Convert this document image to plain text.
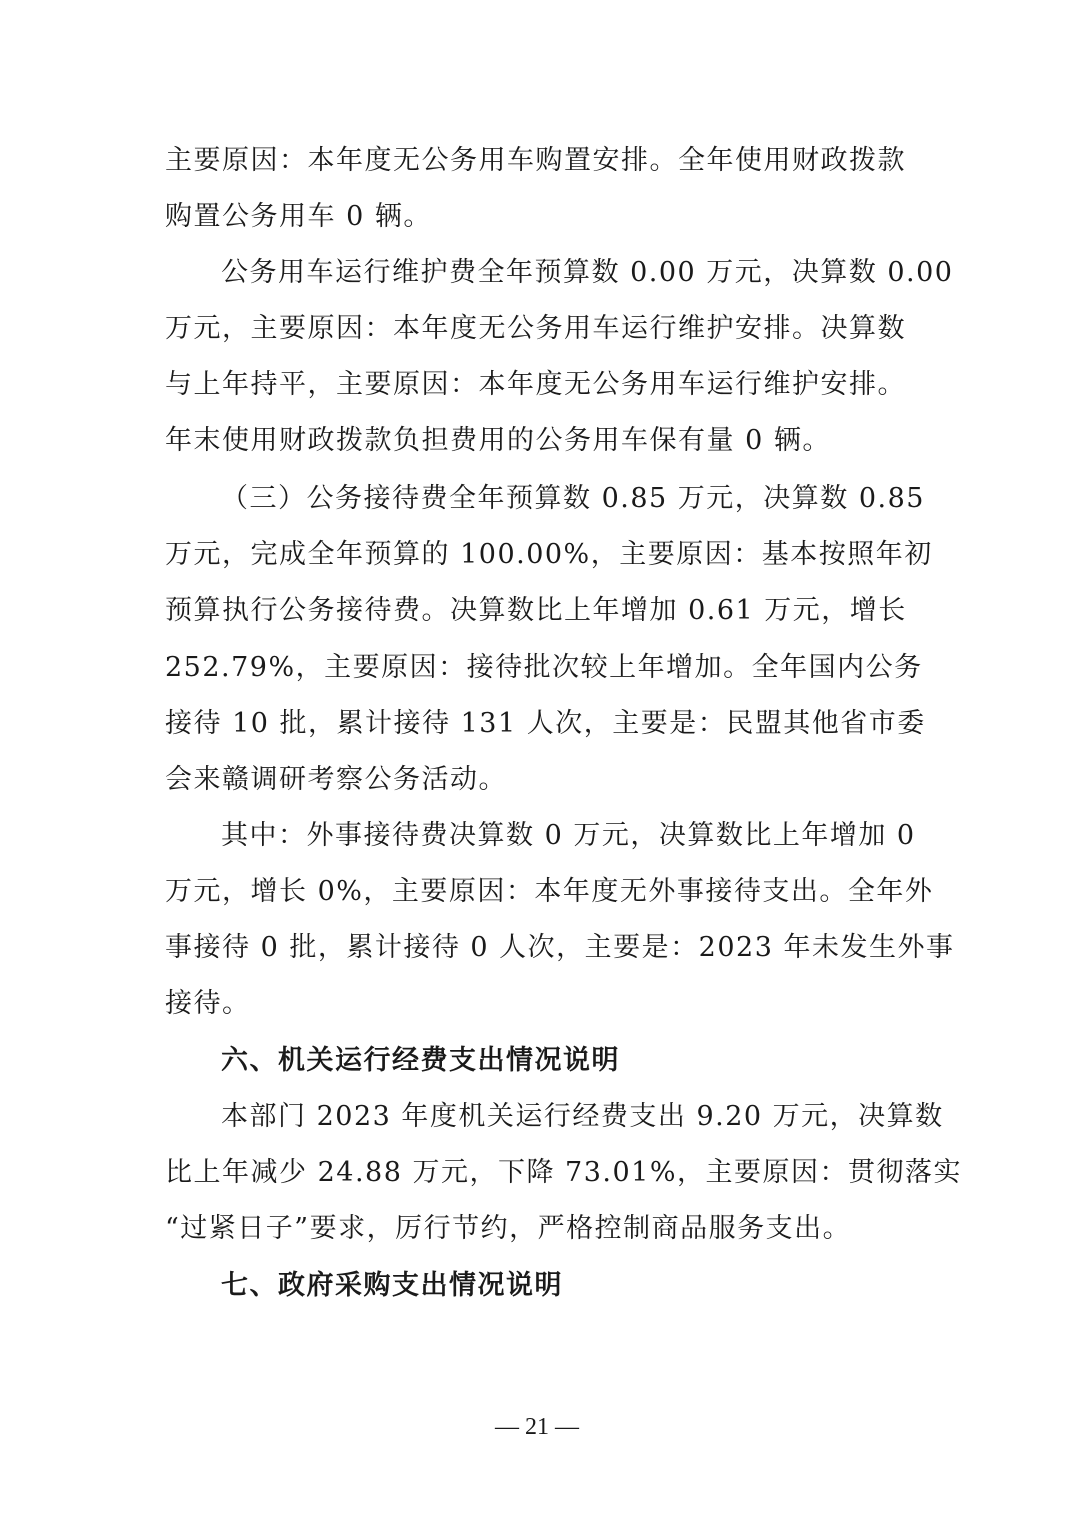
主要原因：本年度无公务用车购置安排。全年使用财政拨款
购置公务用车 0 辆。
公务用车运行维护费全年预算数 0.00 万元，决算数 0.00
万元，主要原因：本年度无公务用车运行维护安排。决算数
与上年持平，主要原因：本年度无公务用车运行维护安排。
年末使用财政拨款负担费用的公务用车保有量 0 辆。
（三）公务接待费全年预算数 0.85 万元，决算数 0.85
万元，完成全年预算的 100.00%，主要原因：基本按照年初
预算执行公务接待费。决算数比上年增加 0.61 万元，增长
252.79%，主要原因：接待批次较上年增加。全年国内公务
接待 10 批，累计接待 131 人次，主要是：民盟其他省市委
会来赣调研考察公务活动。
其中：外事接待费决算数 0 万元，决算数比上年增加 0
万元，增长 0%，主要原因：本年度无外事接待支出。全年外
事接待 0 批，累计接待 0 人次，主要是：2023 年未发生外事
接待。
六、机关运行经费支出情况说明
本部门 2023 年度机关运行经费支出 9.20 万元，决算数
比上年减少 24.88 万元，下降 73.01%，主要原因：贯彻落实
“过紧日子”要求，厉行节约，严格控制商品服务支出。
七、政府采购支出情况说明
— 21 —
